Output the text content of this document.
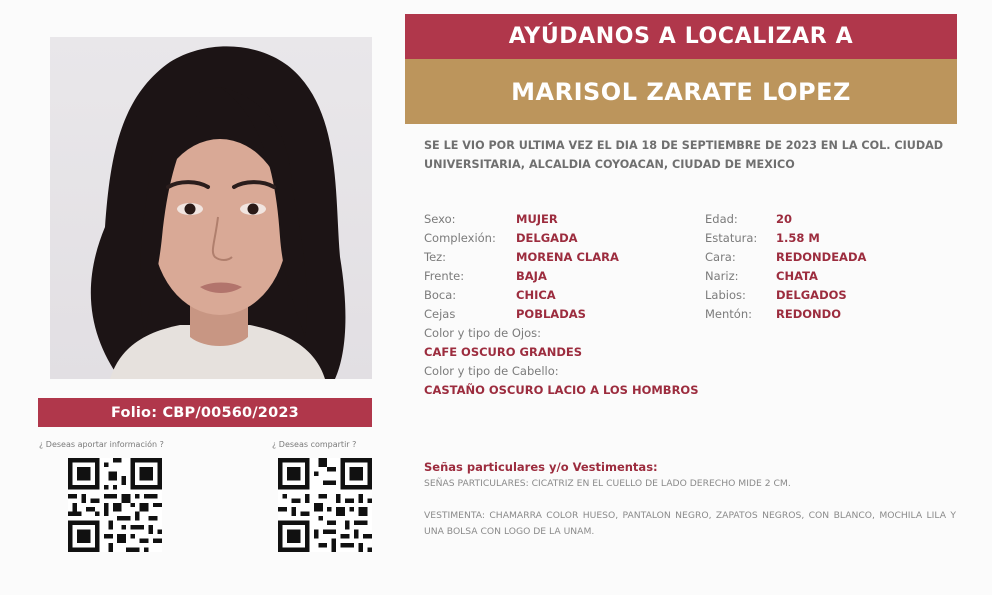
Folio: CBP/00560/2023
¿ Deseas aportar información ?	¿ Deseas compartir ?
AYÚDANOS A LOCALIZAR A
MARISOL ZARATE LOPEZ
SE LE VIO POR ULTIMA VEZ EL DIA 18 DE SEPTIEMBRE DE 2023 EN LA COL. CIUDAD UNIVERSITARIA, ALCALDIA COYOACAN, CIUDAD DE MEXICO
Sexo:	MUJER
Complexión: DELGADA
Tez:	MORENA CLARA
Frente:	BAJA
Boca:	CHICA
Cejas	POBLADAS
Edad:	20
Estatura: 1.58 M
Cara:	REDONDEADA
Nariz:	CHATA
Labios:	DELGADOS
Mentón: REDONDO
Color y tipo de Ojos:
CAFE OSCURO GRANDES
Color y tipo de Cabello:
CASTAÑO OSCURO LACIO A LOS HOMBROS
Señas particulares y/o Vestimentas:
SEÑAS PARTICULARES: CICATRIZ EN EL CUELLO DE LADO DERECHO MIDE 2 CM.
VESTIMENTA: CHAMARRA COLOR HUESO, PANTALON NEGRO, ZAPATOS NEGROS, CON BLANCO, MOCHILA LILA Y UNA BOLSA CON LOGO DE LA UNAM.
